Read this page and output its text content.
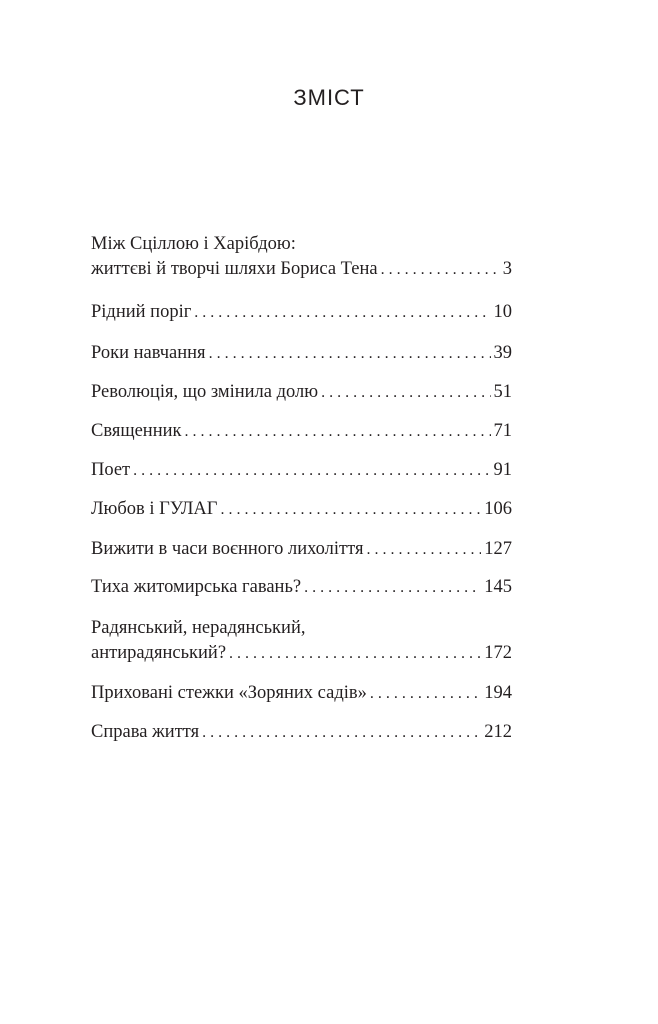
ЗМІСТ
Між Сціллою і Харібдою:
життєві й творчі шляхи Бориса Тена . . .	3
Рідний поріг . . .	10
Роки навчання . . .	39
Революція, що змінила долю . . .	51
Священник . . .	71
Поет . . .	91
Любов і ГУЛАГ . . .	106
Вижити в часи воєнного лихоліття . . .	127
Тиха житомирська гавань? . . .	145
Радянський, нерадянський,
антирадянський? . . .	172
Приховані стежки «Зоряних садів» . . .	194
Справа життя . . .	212
